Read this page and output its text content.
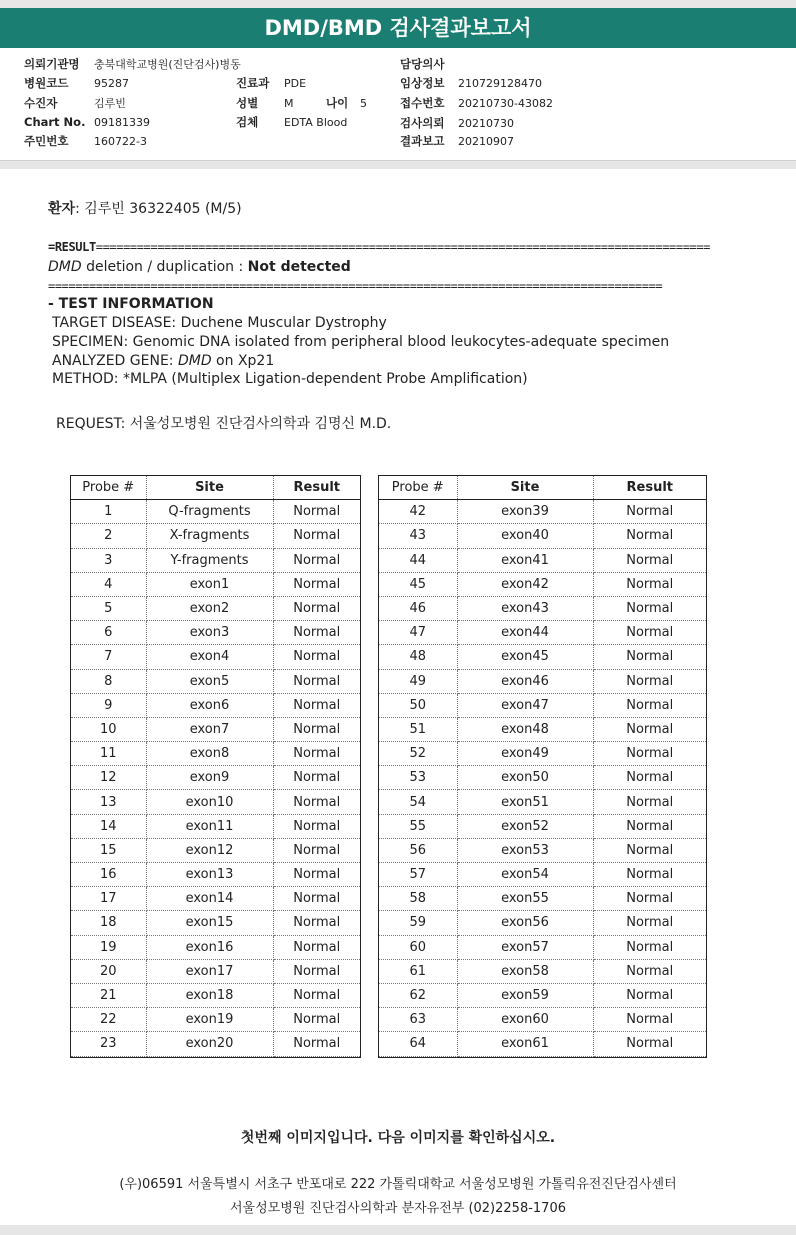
DMD/BMD 검사결과보고서
의뢰기관명 충북대학교병원(진단검사)병동
병원코드 95287
수진자	김루빈
Chart No. 09181339
주민번호 160722-3
진료과 PDE
성별 M	나이 5
검체 EDTA Blood
담당의사
임상정보 210729128470
접수번호 20210730-43082
검사의뢰 20210730
결과보고 20210907
환자: 김루빈 36322405 (M/5)
=RESULT==========================================================================================
DMD deletion / duplication : Not detected
==========================================================================================
- TEST INFORMATION
TARGET DISEASE: Duchene Muscular Dystrophy
SPECIMEN: Genomic DNA isolated from peripheral blood leukocytes-adequate specimen
ANALYZED GENE: DMD on Xp21
METHOD: *MLPA (Multiplex Ligation-dependent Probe Amplification)
REQUEST: 서울성모병원 진단검사의학과 김명신 M.D.
Probe #	Site	Result
1	Q-fragments	Normal
2	X-fragments	Normal
3	Y-fragments	Normal
4	exon1	Normal
5	exon2	Normal
6	exon3	Normal
7	exon4	Normal
8	exon5	Normal
9	exon6	Normal
10	exon7	Normal
11	exon8	Normal
12	exon9	Normal
13	exon10	Normal
14	exon11	Normal
15	exon12	Normal
16	exon13	Normal
17	exon14	Normal
18	exon15	Normal
19	exon16	Normal
20	exon17	Normal
21	exon18	Normal
22	exon19	Normal
23	exon20	Normal
Probe #	Site	Result
42	exon39	Normal
43	exon40	Normal
44	exon41	Normal
45	exon42	Normal
46	exon43	Normal
47	exon44	Normal
48	exon45	Normal
49	exon46	Normal
50	exon47	Normal
51	exon48	Normal
52	exon49	Normal
53	exon50	Normal
54	exon51	Normal
55	exon52	Normal
56	exon53	Normal
57	exon54	Normal
58	exon55	Normal
59	exon56	Normal
60	exon57	Normal
61	exon58	Normal
62	exon59	Normal
63	exon60	Normal
64	exon61	Normal
첫번째 이미지입니다. 다음 이미지를 확인하십시오.
(우)06591 서울특별시 서초구 반포대로 222 가톨릭대학교 서울성모병원 가톨릭유전진단검사센터
서울성모병원 진단검사의학과 분자유전부 (02)2258-1706
